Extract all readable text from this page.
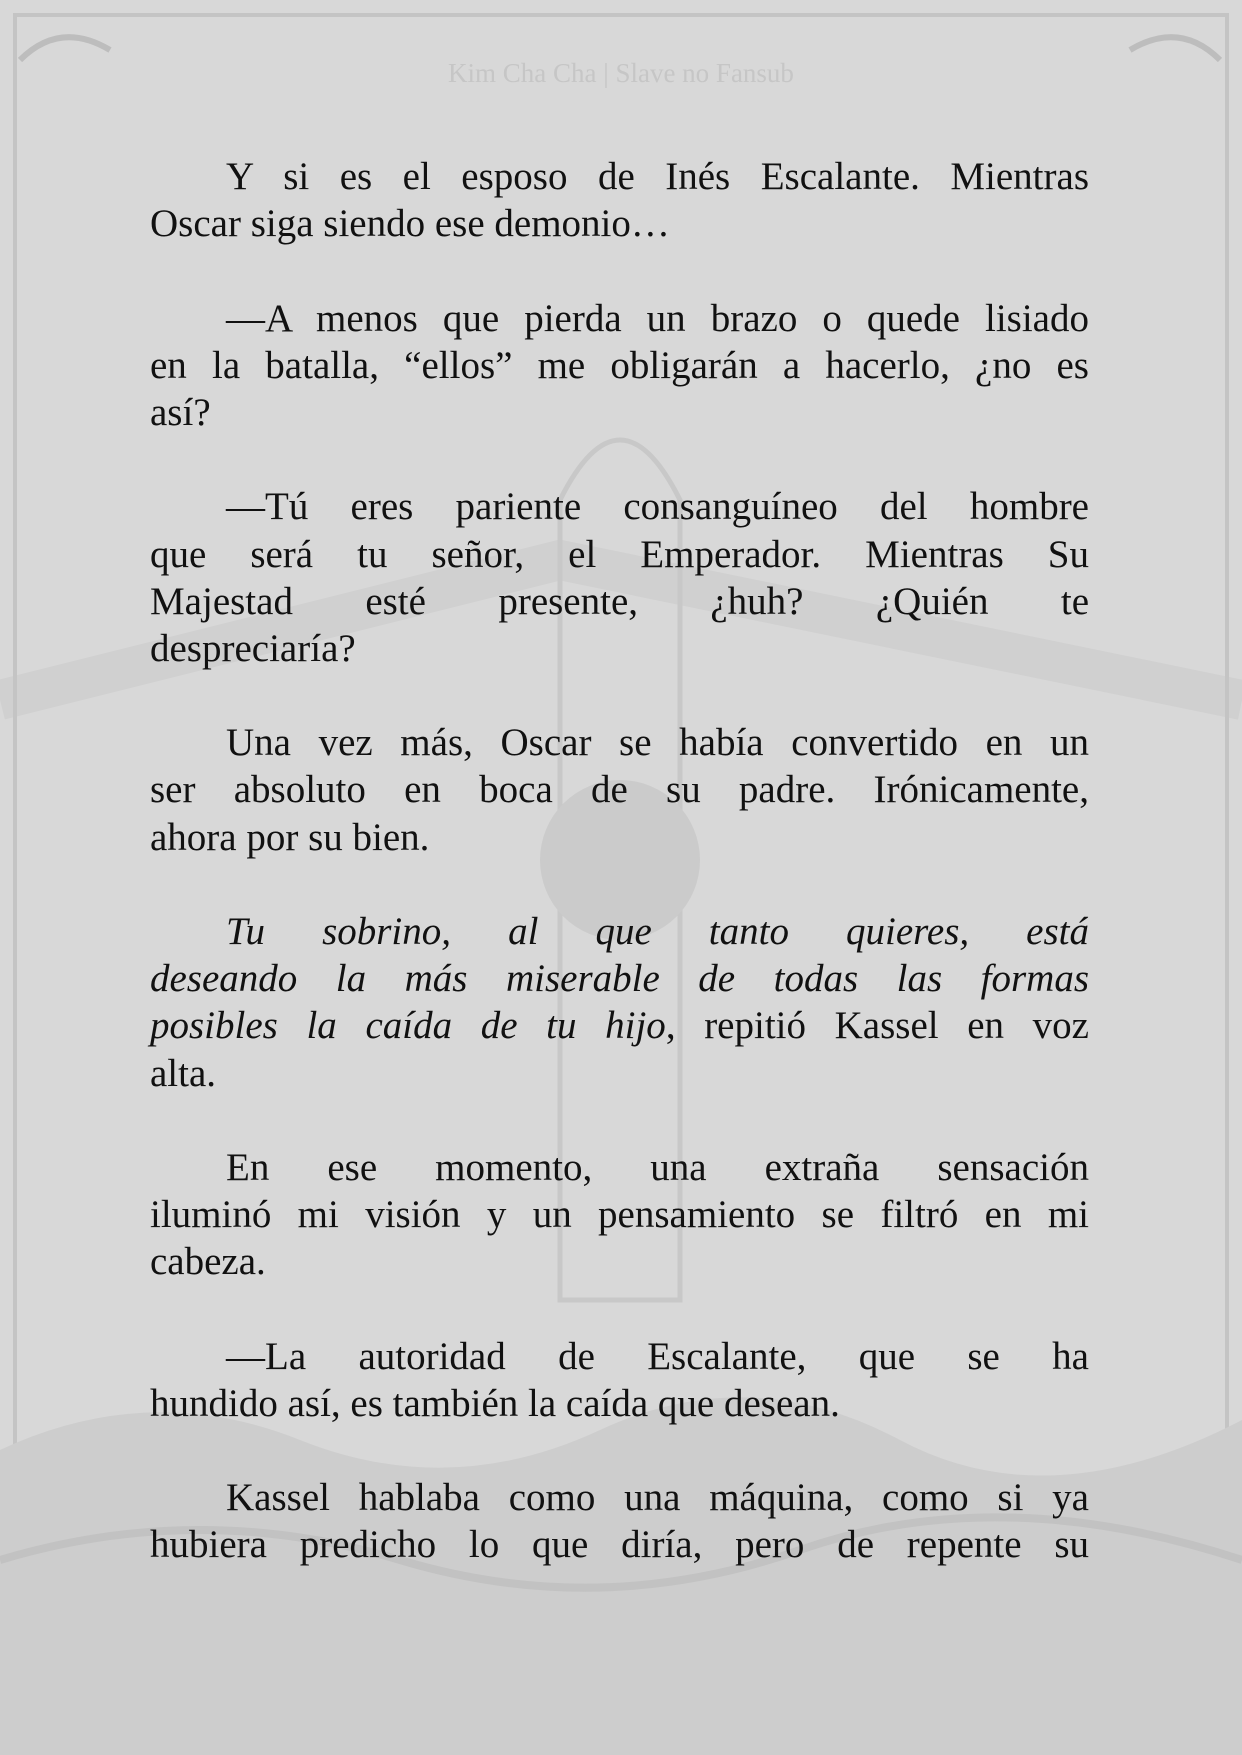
Kim Cha Cha | Slave no Fansub
Y si es el esposo de Inés Escalante. Mientras
Oscar siga siendo ese demonio…
—A menos que pierda un brazo o quede lisiado
en la batalla, “ellos” me obligarán a hacerlo, ¿no es
así?
—Tú eres pariente consanguíneo del hombre
que será tu señor, el Emperador. Mientras Su
Majestad esté presente, ¿huh? ¿Quién te
despreciaría?
Una vez más, Oscar se había convertido en un
ser absoluto en boca de su padre. Irónicamente,
ahora por su bien.
Tu sobrino, al que tanto quieres, está
deseando la más miserable de todas las formas
posibles la caída de tu hijo, repitió Kassel en voz
alta.
En ese momento, una extraña sensación
iluminó mi visión y un pensamiento se filtró en mi
cabeza.
—La autoridad de Escalante, que se ha
hundido así, es también la caída que desean.
Kassel hablaba como una máquina, como si ya
hubiera predicho lo que diría, pero de repente su
